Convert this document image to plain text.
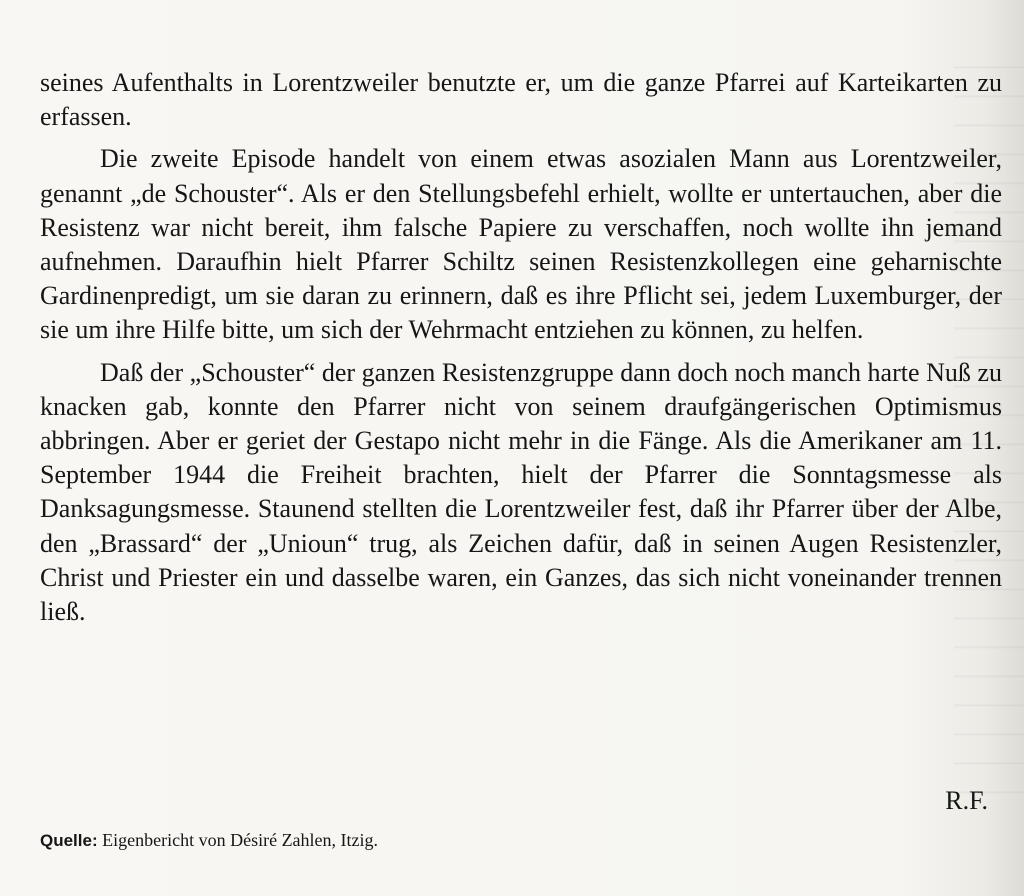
seines Aufenthalts in Lorentzweiler benutzte er, um die ganze Pfarrei auf Karteikarten zu erfassen.

Die zweite Episode handelt von einem etwas asozialen Mann aus Lorentzweiler, genannt „de Schouster“. Als er den Stellungsbefehl erhielt, wollte er untertauchen, aber die Resistenz war nicht bereit, ihm falsche Papiere zu verschaffen, noch wollte ihn jemand aufnehmen. Daraufhin hielt Pfarrer Schiltz seinen Resistenzkollegen eine geharnischte Gardinenpredigt, um sie daran zu erinnern, daß es ihre Pflicht sei, jedem Luxemburger, der sie um ihre Hilfe bitte, um sich der Wehrmacht entziehen zu können, zu helfen.

Daß der „Schouster“ der ganzen Resistenzgruppe dann doch noch manch harte Nuß zu knacken gab, konnte den Pfarrer nicht von seinem draufgängerischen Optimismus abbringen. Aber er geriet der Gestapo nicht mehr in die Fänge. Als die Amerikaner am 11. September 1944 die Freiheit brachten, hielt der Pfarrer die Sonntagsmesse als Danksagungsmesse. Staunend stellten die Lorentzweiler fest, daß ihr Pfarrer über der Albe, den „Brassard“ der „Unioun“ trug, als Zeichen dafür, daß in seinen Augen Resistenzler, Christ und Priester ein und dasselbe waren, ein Ganzes, das sich nicht voneinander trennen ließ.

R.F.
Quelle: Eigenbericht von Désiré Zahlen, Itzig.
